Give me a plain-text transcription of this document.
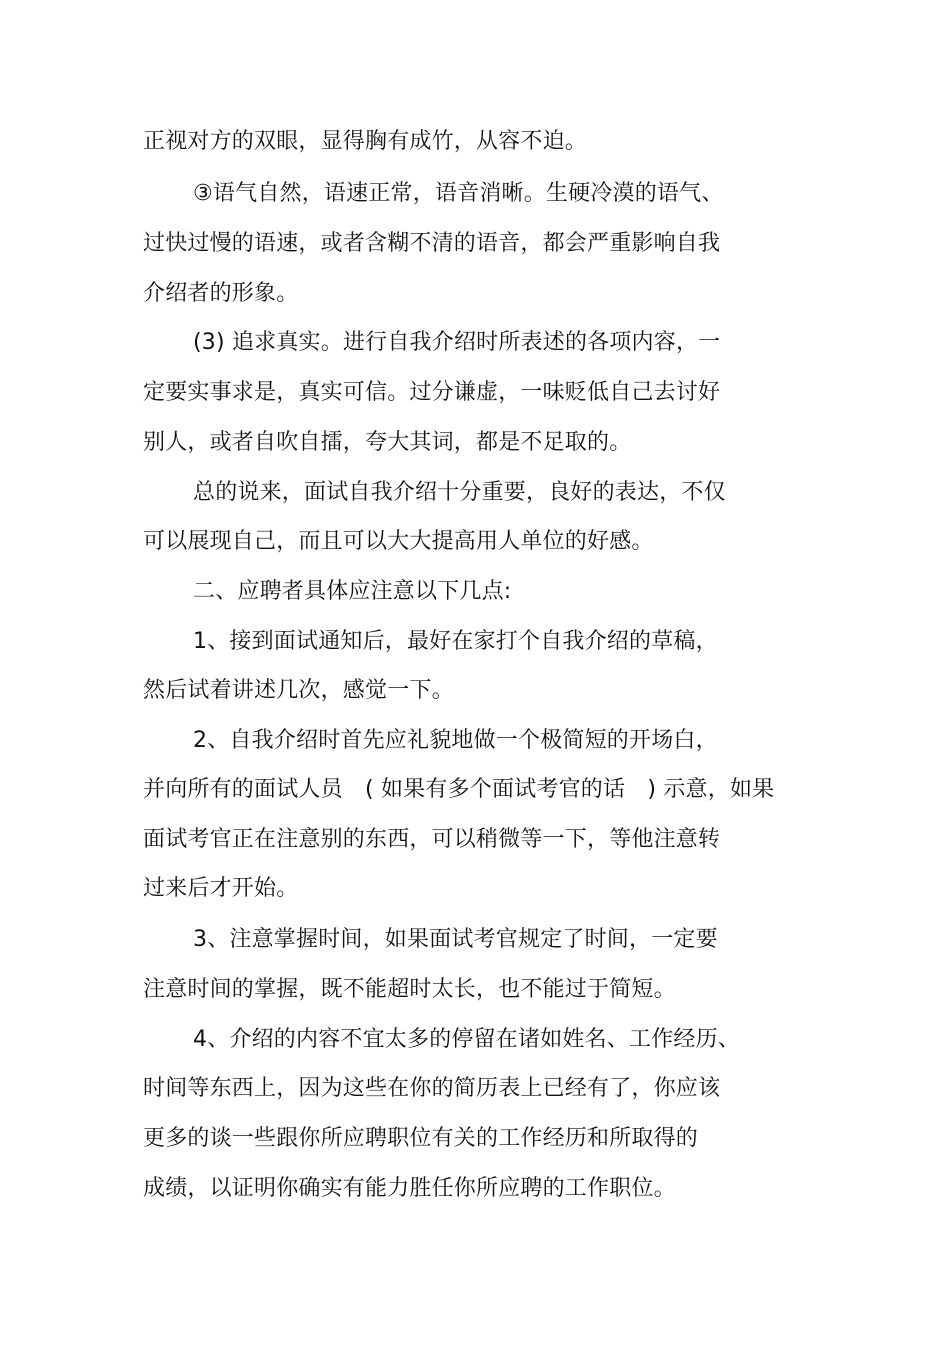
正视对方的双眼，显得胸有成竹，从容不迫。
③语气自然，语速正常，语音消晰。生硬冷漠的语气、
过快过慢的语速，或者含糊不清的语音，都会严重影响自我
介绍者的形象。
(3) 追求真实。进行自我介绍时所表述的各项内容，一
定要实事求是，真实可信。过分谦虚，一味贬低自己去讨好
别人，或者自吹自擂，夸大其词，都是不足取的。
总的说来，面试自我介绍十分重要，良好的表达，不仅
可以展现自己，而且可以大大提高用人单位的好感。
二、应聘者具体应注意以下几点:
1、接到面试通知后，最好在家打个自我介绍的草稿，
然后试着讲述几次，感觉一下。
2、自我介绍时首先应礼貌地做一个极简短的开场白，
并向所有的面试人员　( 如果有多个面试考官的话　) 示意，如果
面试考官正在注意别的东西，可以稍微等一下，等他注意转
过来后才开始。
3、注意掌握时间，如果面试考官规定了时间，一定要
注意时间的掌握，既不能超时太长，也不能过于简短。
4、介绍的内容不宜太多的停留在诸如姓名、工作经历、
时间等东西上，因为这些在你的简历表上已经有了，你应该
更多的谈一些跟你所应聘职位有关的工作经历和所取得的
成绩，以证明你确实有能力胜任你所应聘的工作职位。
